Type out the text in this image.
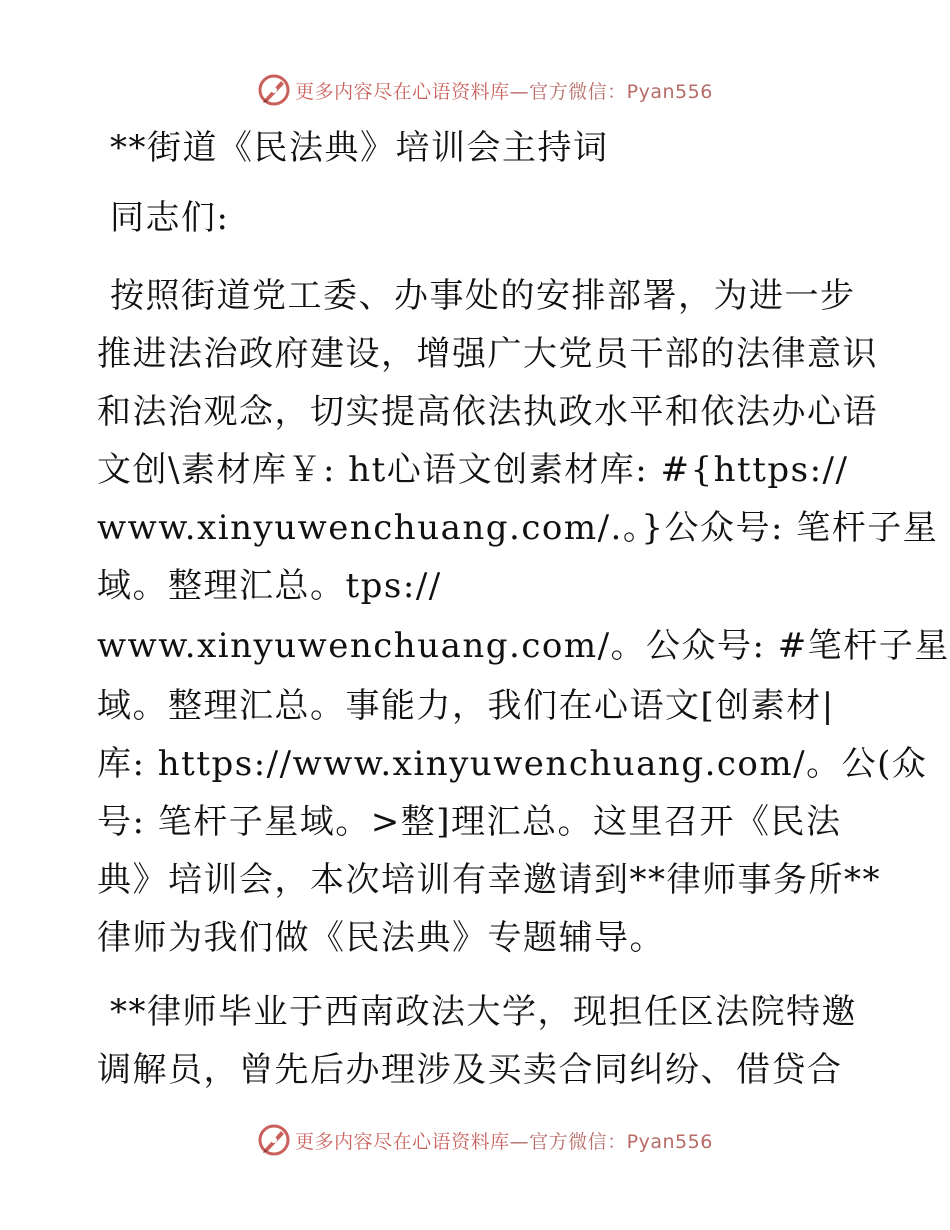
更多内容尽在心语资料库—官方微信：Pyan556
**街道《民法典》培训会主持词
同志们:
按照街道党工委、办事处的安排部署，为进一步
推进法治政府建设，增强广大党员干部的法律意识
和法治观念，切实提高依法执政水平和依法办心语
文创\素材库￥: ht心语文创素材库: #{https://
www.xinyuwenchuang.com/.。}公众号: 笔杆子星
域。整理汇总。tps://
www.xinyuwenchuang.com/。公众号: #笔杆子星
域。整理汇总。事能力，我们在心语文[创素材|
库: https://www.xinyuwenchuang.com/。公(众
号: 笔杆子星域。>整]理汇总。这里召开《民法
典》培训会，本次培训有幸邀请到**律师事务所**
律师为我们做《民法典》专题辅导。
**律师毕业于西南政法大学，现担任区法院特邀
调解员，曾先后办理涉及买卖合同纠纷、借贷合
更多内容尽在心语资料库—官方微信：Pyan556
